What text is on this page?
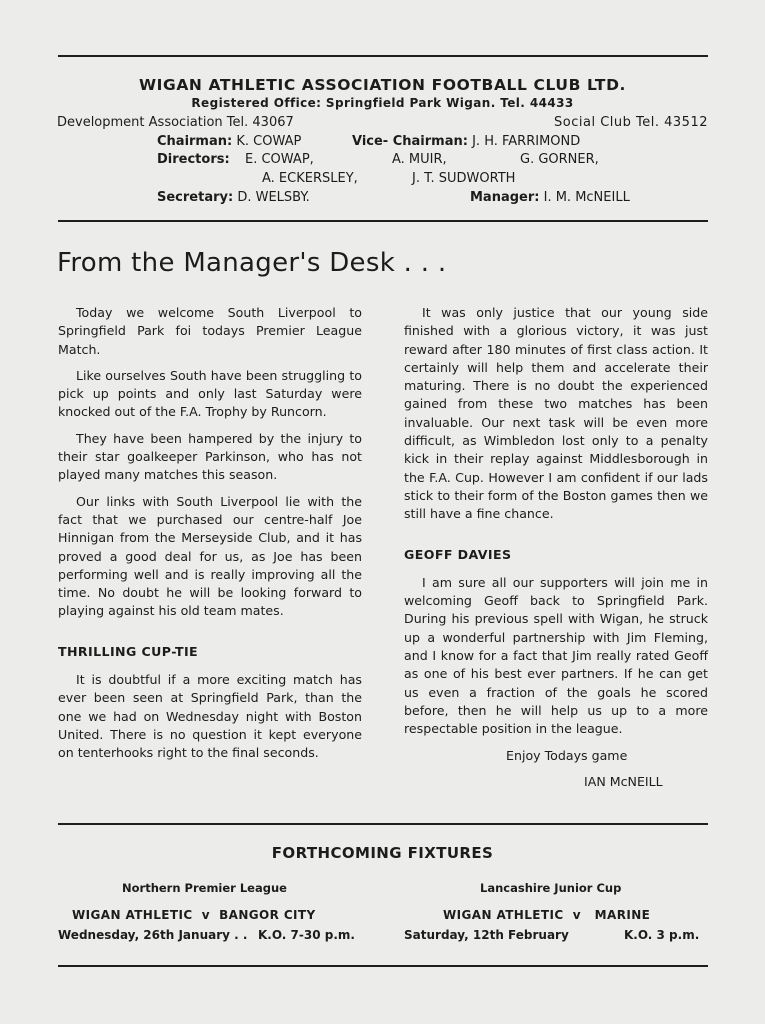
WIGAN ATHLETIC ASSOCIATION FOOTBALL CLUB LTD.
Registered Office: Springfield Park Wigan. Tel. 44433
Development Association Tel. 43067	Social Club Tel. 43512
Chairman: K. COWAP	Vice- Chairman: J. H. FARRIMOND
Directors: E. COWAP,	A. MUIR,	G. GORNER,
A. ECKERSLEY,	J. T. SUDWORTH
Secretary: D. WELSBY.	Manager: I. M. McNEILL
From the Manager's Desk . . .

Today we welcome South Liverpool to Springfield Park foi todays Premier League Match.

Like ourselves South have been struggling to pick up points and only last Saturday were knocked out of the F.A. Trophy by Runcorn.

They have been hampered by the injury to their star goalkeeper Parkinson, who has not played many matches this season.

Our links with South Liverpool lie with the fact that we purchased our centre-half Joe Hinnigan from the Merseyside Club, and it has proved a good deal for us, as Joe has been performing well and is really improving all the time. No doubt he will be looking forward to playing against his old team mates.

THRILLING CUP-TIE

It is doubtful if a more exciting match has ever been seen at Springfield Park, than the one we had on Wednesday night with Boston United. There is no question it kept everyone on tenterhooks right to the final seconds.

It was only justice that our young side finished with a glorious victory, it was just reward after 180 minutes of first class action. It certainly will help them and accelerate their maturing. There is no doubt the experienced gained from these two matches has been invaluable. Our next task will be even more difficult, as Wimbledon lost only to a penalty kick in their replay against Middlesborough in the F.A. Cup. However I am confident if our lads stick to their form of the Boston games then we still have a fine chance.

GEOFF DAVIES

I am sure all our supporters will join me in welcoming Geoff back to Springfield Park. During his previous spell with Wigan, he struck up a wonderful partnership with Jim Fleming, and I know for a fact that Jim really rated Geoff as one of his best ever partners. If he can get us even a fraction of the goals he scored before, then he will help us up to a more respectable position in the league.

Enjoy Todays game

IAN McNEILL

FORTHCOMING FIXTURES
Northern Premier League	Lancashire Junior Cup
WIGAN ATHLETIC v BANGOR CITY	WIGAN ATHLETIC v MARINE
Wednesday, 26th January . . K.O. 7-30 p.m.	Saturday, 12th February	K.O. 3 p.m.
